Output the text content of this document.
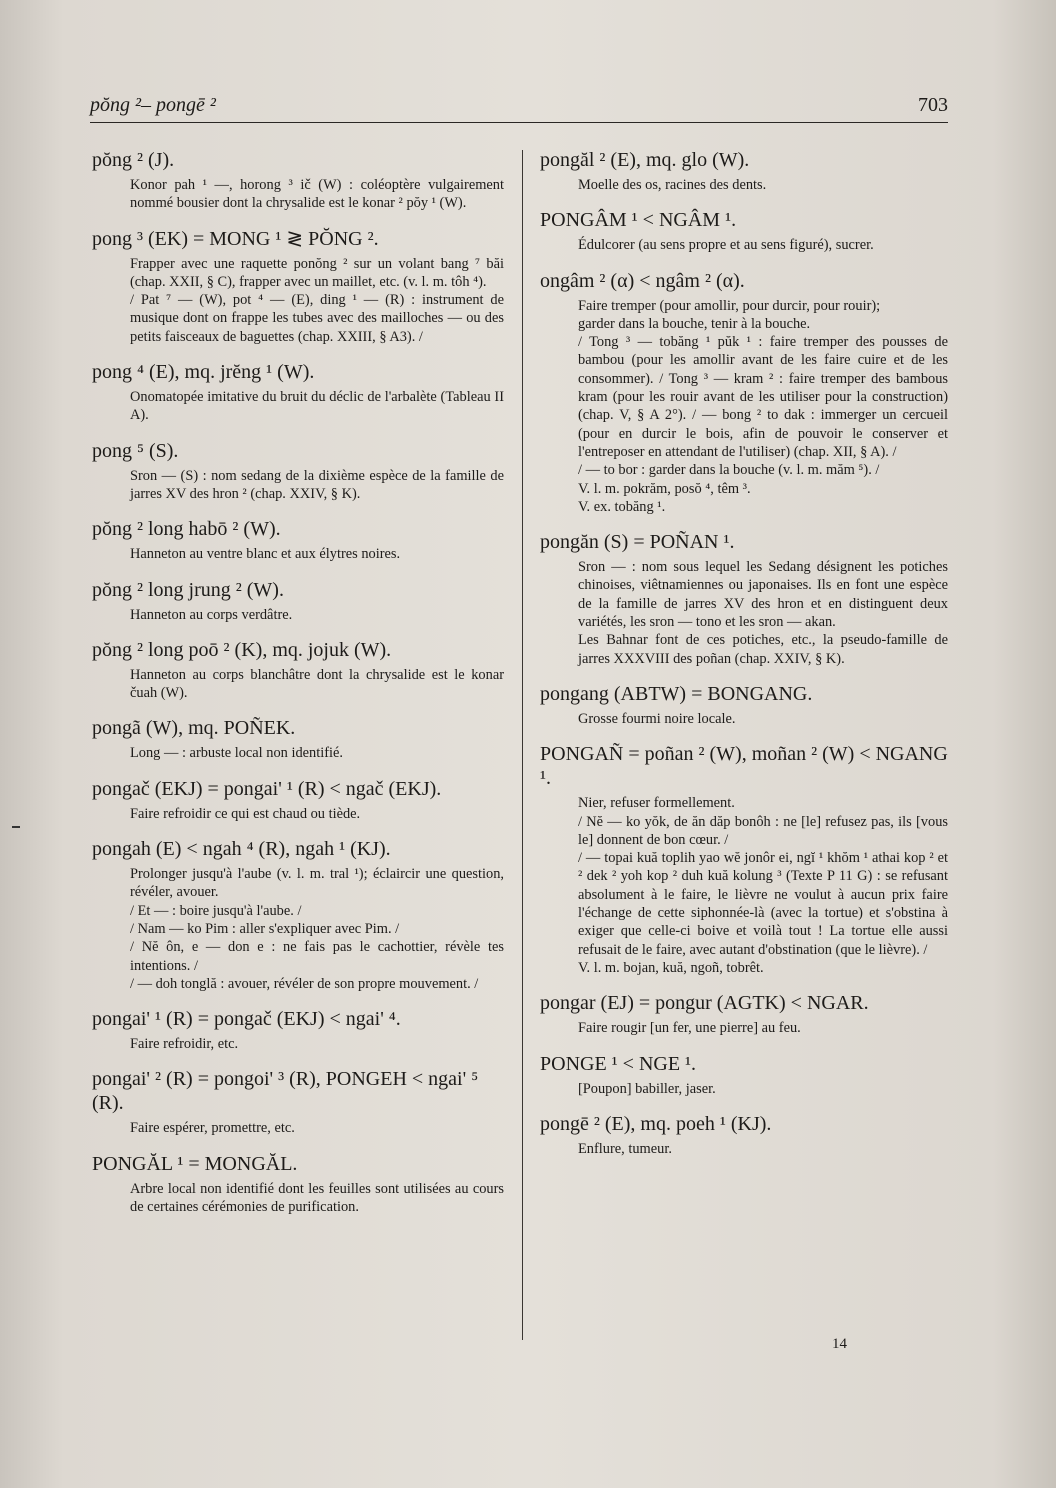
pŏng ²– pongē ²	703
pŏng ² (J).

Konor pah ¹ —, horong ³ ič (W) : coléoptère vulgairement nommé bousier dont la chrysalide est le konar ² pŏy ¹ (W).

pong ³ (EK) = MONG ¹ ≷ PŎNG ².

Frapper avec une raquette ponŏng ² sur un volant bang ⁷ băi (chap. XXII, § C), frapper avec un maillet, etc. (v. l. m. tôh ⁴).

/ Pat ⁷ — (W), pot ⁴ — (E), ding ¹ — (R) : instrument de musique dont on frappe les tubes avec des mailloches — ou des petits faisceaux de baguettes (chap. XXIII, § A3). /

pong ⁴ (E), mq. jrĕng ¹ (W).

Onomatopée imitative du bruit du déclic de l'arbalète (Tableau II A).

pong ⁵ (S).

Sron — (S) : nom sedang de la dixième espèce de la famille de jarres XV des hron ² (chap. XXIV, § K).

pŏng ² long habō ² (W).

Hanneton au ventre blanc et aux élytres noires.

pŏng ² long jrung ² (W).

Hanneton au corps verdâtre.

pŏng ² long poō ² (K), mq. jojuk (W).

Hanneton au corps blanchâtre dont la chrysalide est le konar čuah (W).

pongã (W), mq. POÑEK.

Long — : arbuste local non identifié.

pongač (EKJ) = pongai' ¹ (R) < ngač (EKJ).

Faire refroidir ce qui est chaud ou tiède.

pongah (E) < ngah ⁴ (R), ngah ¹ (KJ).

Prolonger jusqu'à l'aube (v. l. m. tral ¹); éclaircir une question, révéler, avouer.

/ Et — : boire jusqu'à l'aube. /

/ Nam — ko Pim : aller s'expliquer avec Pim. /

/ Nĕ ôn, e — don e : ne fais pas le cachottier, révèle tes intentions. /

/ — doh tonglă : avouer, révéler de son propre mouvement. /

pongai' ¹ (R) = pongač (EKJ) < ngai' ⁴.

Faire refroidir, etc.

pongai' ² (R) = pongoi' ³ (R), PONGEH < ngai' ⁵ (R).

Faire espérer, promettre, etc.

PONGĂL ¹ = MONGĂL.

Arbre local non identifié dont les feuilles sont utilisées au cours de certaines cérémonies de purification.

pongăl ² (E), mq. glo (W).

Moelle des os, racines des dents.

PONGÂM ¹ < NGÂM ¹.

Édulcorer (au sens propre et au sens figuré), sucrer.

ongâm ² (α) < ngâm ² (α).

Faire tremper (pour amollir, pour durcir, pour rouir);

garder dans la bouche, tenir à la bouche.

/ Tong ³ — tobăng ¹ pŭk ¹ : faire tremper des pousses de bambou (pour les amollir avant de les faire cuire et de les consommer). / Tong ³ — kram ² : faire tremper des bambous kram (pour les rouir avant de les utiliser pour la construction) (chap. V, § A 2°). / — bong ² to dak : immerger un cercueil (pour en durcir le bois, afin de pouvoir le conserver et l'entreposer en attendant de l'utiliser) (chap. XII, § A). /

/ — to bor : garder dans la bouche (v. l. m. măm ⁵). /

V. l. m. pokrăm, posŏ ⁴, têm ³.

V. ex. tobăng ¹.

pongăn (S) = POÑAN ¹.

Sron — : nom sous lequel les Sedang désignent les potiches chinoises, viêtnamiennes ou japonaises. Ils en font une espèce de la famille de jarres XV des hron et en distinguent deux variétés, les sron — tono et les sron — akan.

Les Bahnar font de ces potiches, etc., la pseudo-famille de jarres XXXVIII des poñan (chap. XXIV, § K).

pongang (ABTW) = BONGANG.

Grosse fourmi noire locale.

PONGAÑ = poñan ² (W), moñan ² (W) < NGANG ¹.

Nier, refuser formellement.

/ Nĕ — ko yŏk, de ăn dăp bonôh : ne [le] refusez pas, ils [vous le] donnent de bon cœur. /

/ — topai kuă toplih yao wĕ jonôr ei, ngĭ ¹ khŏm ¹ athai kop ² et ² dek ² yoh kop ² duh kuă kolung ³ (Texte P 11 G) : se refusant absolument à le faire, le lièvre ne voulut à aucun prix faire l'échange de cette siphonnée-là (avec la tortue) et s'obstina à exiger que celle-ci boive et voilà tout ! La tortue elle aussi refusait de le faire, avec autant d'obstination (que le lièvre). /

V. l. m. bojan, kuă, ngoñ, tobrêt.

pongar (EJ) = pongur (AGTK) < NGAR.

Faire rougir [un fer, une pierre] au feu.

PONGE ¹ < NGE ¹.

[Poupon] babiller, jaser.

pongē ² (E), mq. poeh ¹ (KJ).

Enflure, tumeur.

14
